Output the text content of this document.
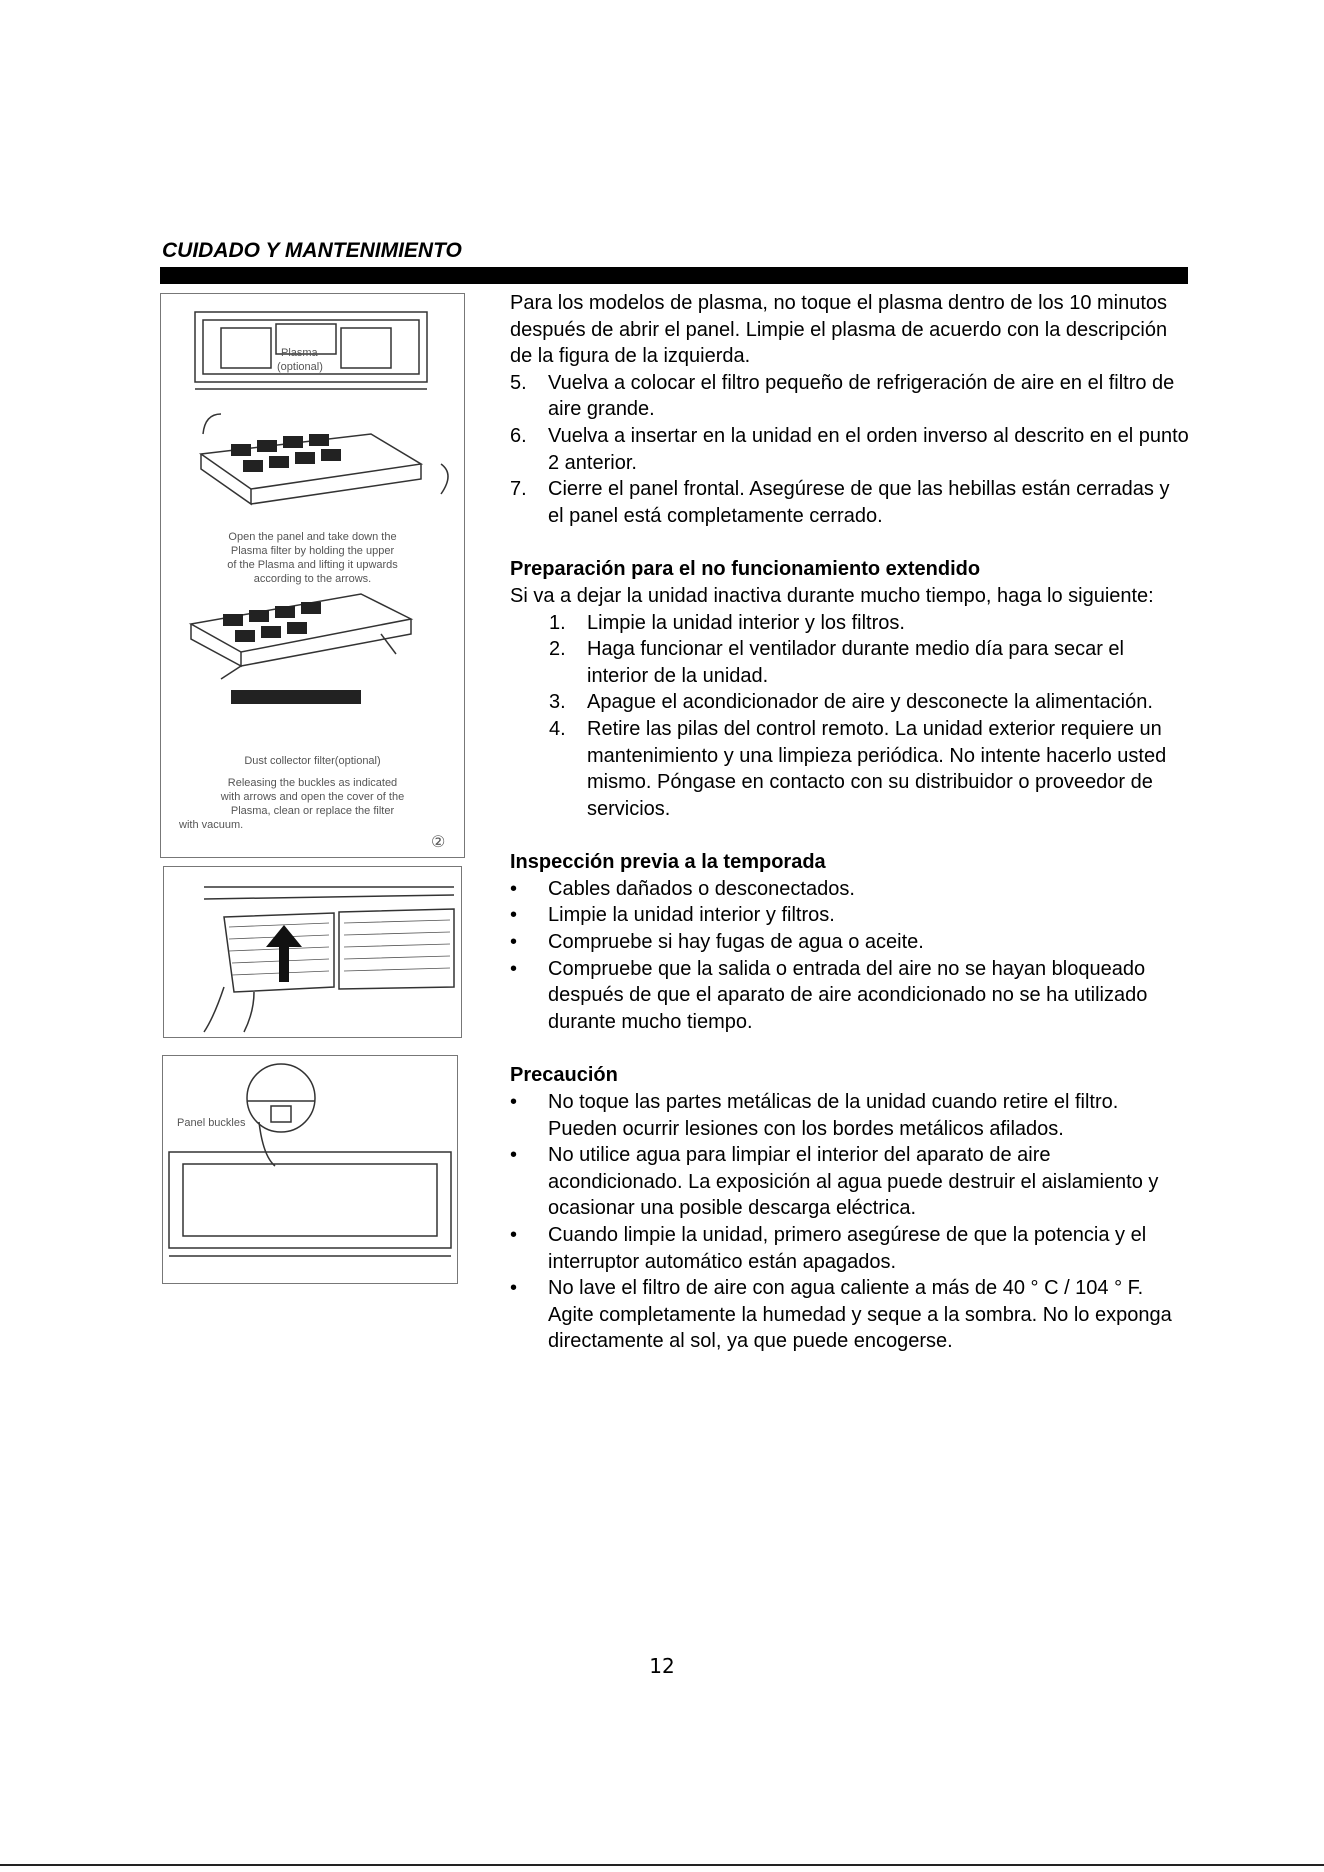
CUIDADO Y MANTENIMIENTO

Plasma

(optional)

Open the panel and take down the

Plasma filter by holding the upper

of the Plasma and lifting it upwards

according to the arrows.

Dust collector filter(optional)

Releasing the buckles as indicated

with arrows and open the cover of the

Plasma, clean or replace the filter

with vacuum.

②

Panel buckles

Para los modelos de plasma, no toque el plasma dentro de los 10 minutos después de abrir el panel. Limpie el plasma de acuerdo con la descripción de la figura de la izquierda.

5. Vuelva a colocar el filtro pequeño de refrigeración de aire en el filtro de aire grande.
6. Vuelva a insertar en la unidad en el orden inverso al descrito en el punto 2 anterior.
7. Cierre el panel frontal. Asegúrese de que las hebillas están cerradas y el panel está completamente cerrado.
Preparación para el no funcionamiento extendido

Si va a dejar la unidad inactiva durante mucho tiempo, haga lo siguiente:

1. Limpie la unidad interior y los filtros.
2. Haga funcionar el ventilador durante medio día para secar el interior de la unidad.
3. Apague el acondicionador de aire y desconecte la alimentación.
4. Retire las pilas del control remoto. La unidad exterior requiere un mantenimiento y una limpieza periódica. No intente hacerlo usted mismo. Póngase en contacto con su distribuidor o proveedor de servicios.
Inspección previa a la temporada
• Cables dañados o desconectados.
• Limpie la unidad interior y filtros.
• Compruebe si hay fugas de agua o aceite.
• Compruebe que la salida o entrada del aire no se hayan bloqueado después de que el aparato de aire acondicionado no se ha utilizado durante mucho tiempo.
Precaución
• No toque las partes metálicas de la unidad cuando retire el filtro. Pueden ocurrir lesiones con los bordes metálicos afilados.
• No utilice agua para limpiar el interior del aparato de aire acondicionado. La exposición al agua puede destruir el aislamiento y ocasionar una posible descarga eléctrica.
• Cuando limpie la unidad, primero asegúrese de que la potencia y el interruptor automático están apagados.
• No lave el filtro de aire con agua caliente a más de 40 ° C / 104 ° F. Agite completamente la humedad y seque a la sombra. No lo exponga directamente al sol, ya que puede encogerse.

12
